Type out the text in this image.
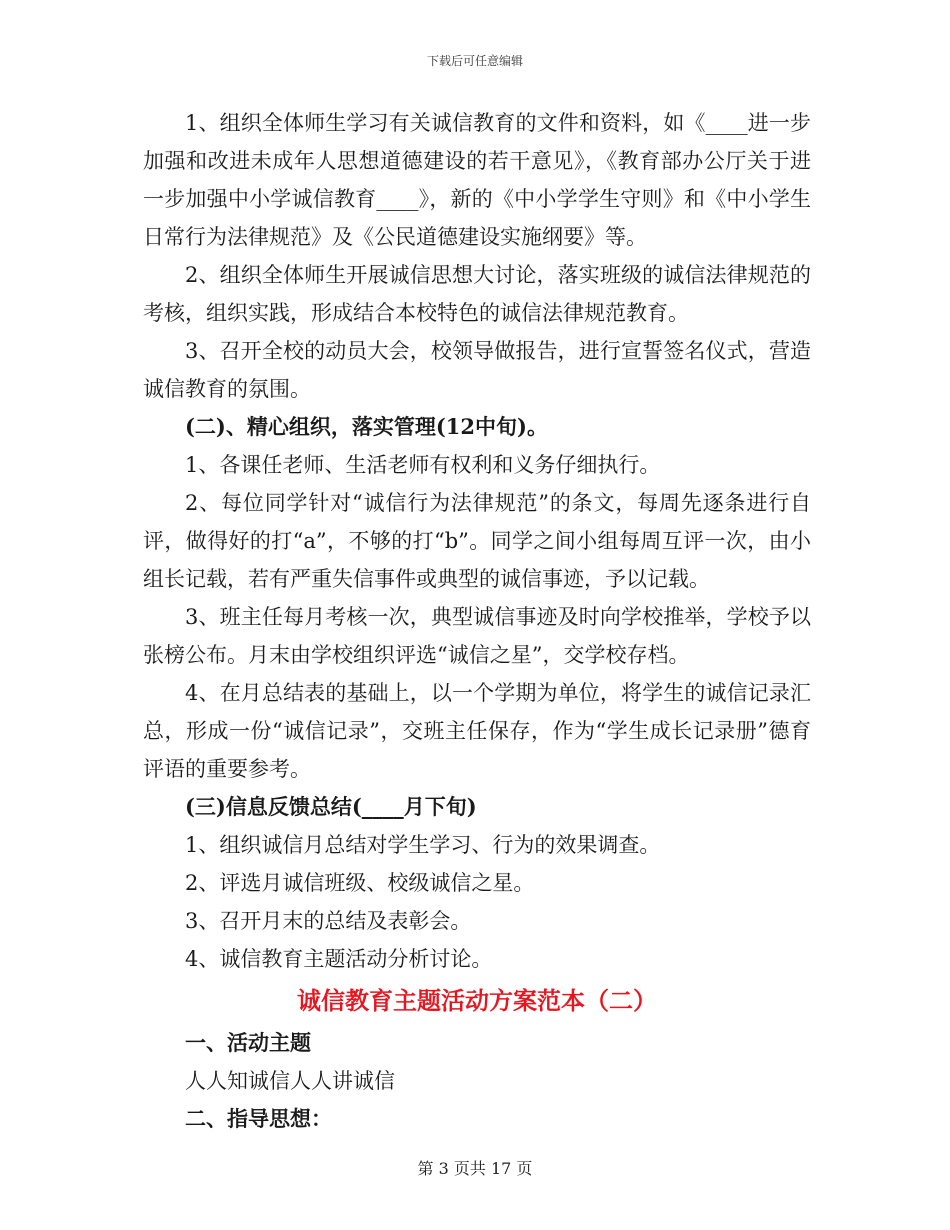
下载后可任意编辑

1、组织全体师生学习有关诚信教育的文件和资料，如《____进一步加强和改进未成年人思想道德建设的若干意见》，《教育部办公厅关于进一步加强中小学诚信教育____》，新的《中小学学生守则》和《中小学生日常行为法律规范》及《公民道德建设实施纲要》等。

2、组织全体师生开展诚信思想大讨论，落实班级的诚信法律规范的考核，组织实践，形成结合本校特色的诚信法律规范教育。

3、召开全校的动员大会，校领导做报告，进行宣誓签名仪式，营造诚信教育的氛围。

(二)、精心组织，落实管理(12中旬)。

1、各课任老师、生活老师有权利和义务仔细执行。

2、每位同学针对“诚信行为法律规范”的条文，每周先逐条进行自评，做得好的打“a”，不够的打“b”。同学之间小组每周互评一次，由小组长记载，若有严重失信事件或典型的诚信事迹，予以记载。

3、班主任每月考核一次，典型诚信事迹及时向学校推举，学校予以张榜公布。月末由学校组织评选“诚信之星”，交学校存档。

4、在月总结表的基础上，以一个学期为单位，将学生的诚信记录汇总，形成一份“诚信记录”，交班主任保存，作为“学生成长记录册”德育评语的重要参考。

(三)信息反馈总结(____月下旬)

1、组织诚信月总结对学生学习、行为的效果调查。

2、评选月诚信班级、校级诚信之星。

3、召开月末的总结及表彰会。

4、诚信教育主题活动分析讨论。

诚信教育主题活动方案范本（二）

一、活动主题

人人知诚信人人讲诚信

二、指导思想：

第 3 页共 17 页
